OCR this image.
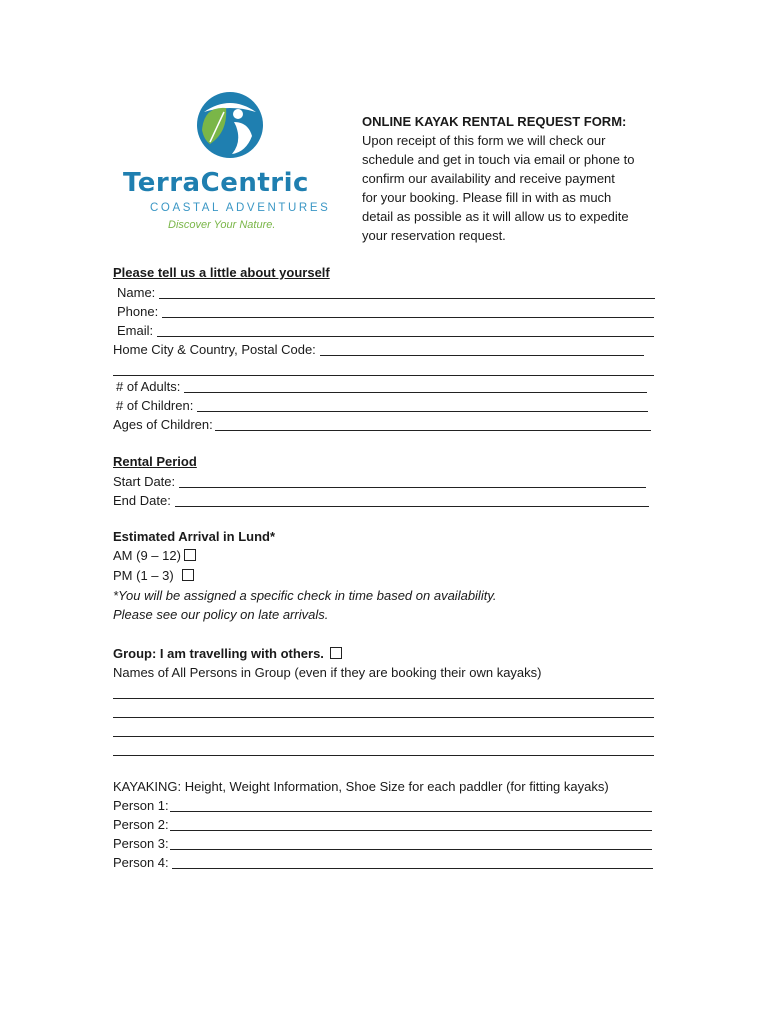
TerraCentric
COASTAL ADVENTURES
Discover Your Nature.
ONLINE KAYAK RENTAL REQUEST FORM:
Upon receipt of this form we will check our
schedule and get in touch via email or phone to
confirm our availability and receive payment
for your booking. Please fill in with as much
detail as possible as it will allow us to expedite
your reservation request.
Please tell us a little about yourself
Name:
Phone:
Email:
Home City & Country, Postal Code:
# of Adults:
# of Children:
Ages of Children:
Rental Period
Start Date:
End Date:
Estimated Arrival in Lund*
AM (9 – 12)
PM (1 – 3)
*You will be assigned a specific check in time based on availability.
Please see our policy on late arrivals.
Group: I am travelling with others.
Names of All Persons in Group (even if they are booking their own kayaks)
KAYAKING: Height, Weight Information, Shoe Size for each paddler (for fitting kayaks)
Person 1:
Person 2:
Person 3:
Person 4:
